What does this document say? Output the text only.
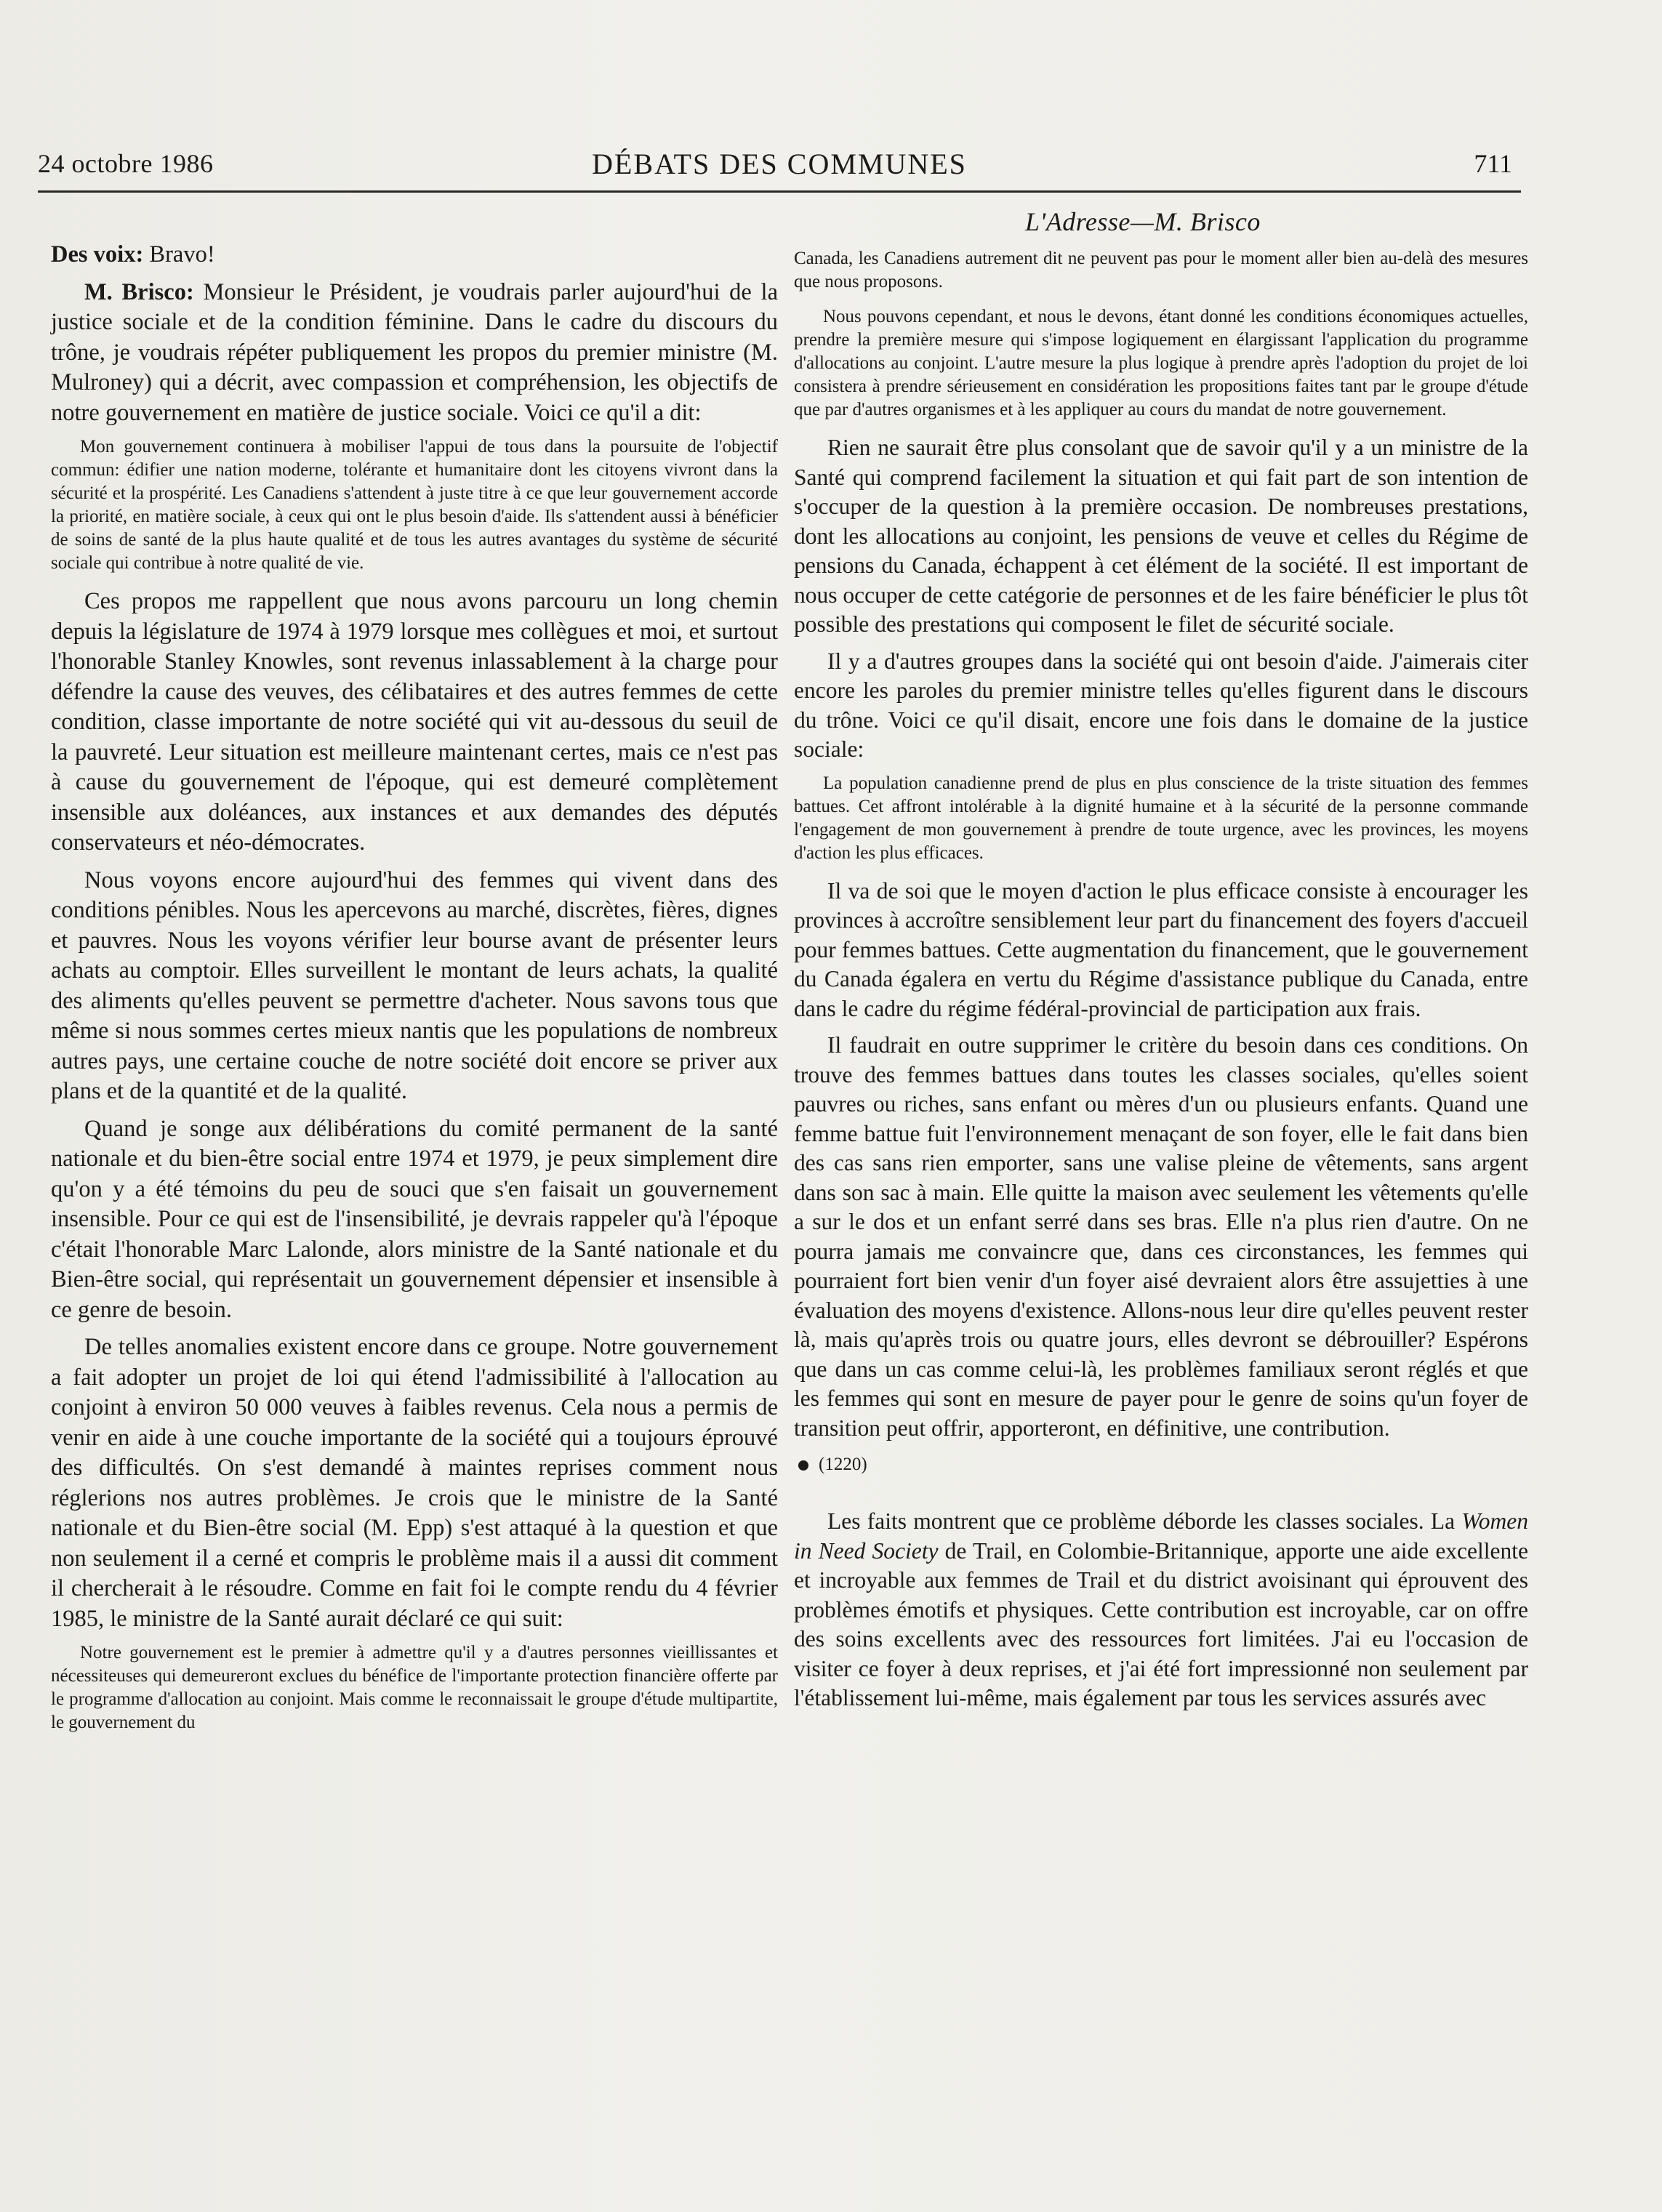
24 octobre 1986	DÉBATS DES COMMUNES	711
L'Adresse—M. Brisco

Des voix: Bravo!

M. Brisco: Monsieur le Président, je voudrais parler aujourd'hui de la justice sociale et de la condition féminine. Dans le cadre du discours du trône, je voudrais répéter publiquement les propos du premier ministre (M. Mulroney) qui a décrit, avec compassion et compréhension, les objectifs de notre gouvernement en matière de justice sociale. Voici ce qu'il a dit:

Mon gouvernement continuera à mobiliser l'appui de tous dans la poursuite de l'objectif commun: édifier une nation moderne, tolérante et humanitaire dont les citoyens vivront dans la sécurité et la prospérité. Les Canadiens s'attendent à juste titre à ce que leur gouvernement accorde la priorité, en matière sociale, à ceux qui ont le plus besoin d'aide. Ils s'attendent aussi à bénéficier de soins de santé de la plus haute qualité et de tous les autres avantages du système de sécurité sociale qui contribue à notre qualité de vie.

Ces propos me rappellent que nous avons parcouru un long chemin depuis la législature de 1974 à 1979 lorsque mes collègues et moi, et surtout l'honorable Stanley Knowles, sont revenus inlassablement à la charge pour défendre la cause des veuves, des célibataires et des autres femmes de cette condition, classe importante de notre société qui vit au-dessous du seuil de la pauvreté. Leur situation est meilleure maintenant certes, mais ce n'est pas à cause du gouvernement de l'époque, qui est demeuré complètement insensible aux doléances, aux instances et aux demandes des députés conservateurs et néo-démocrates.

Nous voyons encore aujourd'hui des femmes qui vivent dans des conditions pénibles. Nous les apercevons au marché, discrètes, fières, dignes et pauvres. Nous les voyons vérifier leur bourse avant de présenter leurs achats au comptoir. Elles surveillent le montant de leurs achats, la qualité des aliments qu'elles peuvent se permettre d'acheter. Nous savons tous que même si nous sommes certes mieux nantis que les populations de nombreux autres pays, une certaine couche de notre société doit encore se priver aux plans et de la quantité et de la qualité.

Quand je songe aux délibérations du comité permanent de la santé nationale et du bien-être social entre 1974 et 1979, je peux simplement dire qu'on y a été témoins du peu de souci que s'en faisait un gouvernement insensible. Pour ce qui est de l'insensibilité, je devrais rappeler qu'à l'époque c'était l'honorable Marc Lalonde, alors ministre de la Santé nationale et du Bien-être social, qui représentait un gouvernement dépensier et insensible à ce genre de besoin.

De telles anomalies existent encore dans ce groupe. Notre gouvernement a fait adopter un projet de loi qui étend l'admissibilité à l'allocation au conjoint à environ 50 000 veuves à faibles revenus. Cela nous a permis de venir en aide à une couche importante de la société qui a toujours éprouvé des difficultés. On s'est demandé à maintes reprises comment nous réglerions nos autres problèmes. Je crois que le ministre de la Santé nationale et du Bien-être social (M. Epp) s'est attaqué à la question et que non seulement il a cerné et compris le problème mais il a aussi dit comment il chercherait à le résoudre. Comme en fait foi le compte rendu du 4 février 1985, le ministre de la Santé aurait déclaré ce qui suit:

Notre gouvernement est le premier à admettre qu'il y a d'autres personnes vieillissantes et nécessiteuses qui demeureront exclues du bénéfice de l'importante protection financière offerte par le programme d'allocation au conjoint. Mais comme le reconnaissait le groupe d'étude multipartite, le gouvernement du

Canada, les Canadiens autrement dit ne peuvent pas pour le moment aller bien au-delà des mesures que nous proposons.

Nous pouvons cependant, et nous le devons, étant donné les conditions économiques actuelles, prendre la première mesure qui s'impose logiquement en élargissant l'application du programme d'allocations au conjoint. L'autre mesure la plus logique à prendre après l'adoption du projet de loi consistera à prendre sérieusement en considération les propositions faites tant par le groupe d'étude que par d'autres organismes et à les appliquer au cours du mandat de notre gouvernement.

Rien ne saurait être plus consolant que de savoir qu'il y a un ministre de la Santé qui comprend facilement la situation et qui fait part de son intention de s'occuper de la question à la première occasion. De nombreuses prestations, dont les allocations au conjoint, les pensions de veuve et celles du Régime de pensions du Canada, échappent à cet élément de la société. Il est important de nous occuper de cette catégorie de personnes et de les faire bénéficier le plus tôt possible des prestations qui composent le filet de sécurité sociale.

Il y a d'autres groupes dans la société qui ont besoin d'aide. J'aimerais citer encore les paroles du premier ministre telles qu'elles figurent dans le discours du trône. Voici ce qu'il disait, encore une fois dans le domaine de la justice sociale:

La population canadienne prend de plus en plus conscience de la triste situation des femmes battues. Cet affront intolérable à la dignité humaine et à la sécurité de la personne commande l'engagement de mon gouvernement à prendre de toute urgence, avec les provinces, les moyens d'action les plus efficaces.

Il va de soi que le moyen d'action le plus efficace consiste à encourager les provinces à accroître sensiblement leur part du financement des foyers d'accueil pour femmes battues. Cette augmentation du financement, que le gouvernement du Canada égalera en vertu du Régime d'assistance publique du Canada, entre dans le cadre du régime fédéral-provincial de participation aux frais.

Il faudrait en outre supprimer le critère du besoin dans ces conditions. On trouve des femmes battues dans toutes les classes sociales, qu'elles soient pauvres ou riches, sans enfant ou mères d'un ou plusieurs enfants. Quand une femme battue fuit l'environnement menaçant de son foyer, elle le fait dans bien des cas sans rien emporter, sans une valise pleine de vêtements, sans argent dans son sac à main. Elle quitte la maison avec seulement les vêtements qu'elle a sur le dos et un enfant serré dans ses bras. Elle n'a plus rien d'autre. On ne pourra jamais me convaincre que, dans ces circonstances, les femmes qui pourraient fort bien venir d'un foyer aisé devraient alors être assujetties à une évaluation des moyens d'existence. Allons-nous leur dire qu'elles peuvent rester là, mais qu'après trois ou quatre jours, elles devront se débrouiller? Espérons que dans un cas comme celui-là, les problèmes familiaux seront réglés et que les femmes qui sont en mesure de payer pour le genre de soins qu'un foyer de transition peut offrir, apporteront, en définitive, une contribution.

(1220)

Les faits montrent que ce problème déborde les classes sociales. La Women in Need Society de Trail, en Colombie-Britannique, apporte une aide excellente et incroyable aux femmes de Trail et du district avoisinant qui éprouvent des problèmes émotifs et physiques. Cette contribution est incroyable, car on offre des soins excellents avec des ressources fort limitées. J'ai eu l'occasion de visiter ce foyer à deux reprises, et j'ai été fort impressionné non seulement par l'établissement lui-même, mais également par tous les services assurés avec
